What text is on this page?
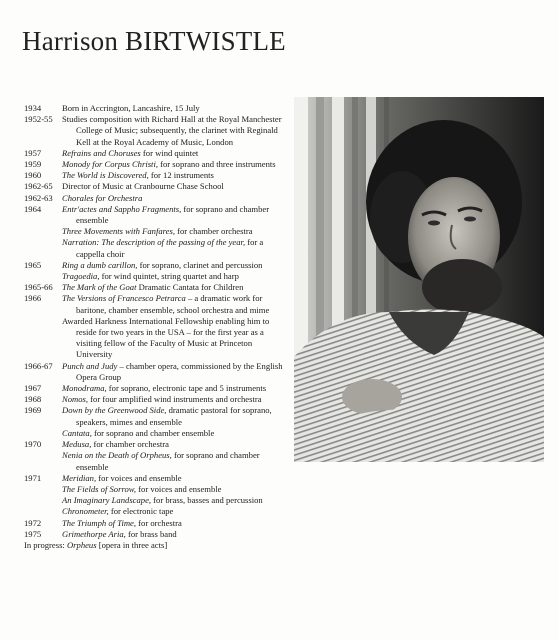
Harrison BIRTWISTLE
1934 Born in Accrington, Lancashire, 15 July
1952-55 Studies composition with Richard Hall at the Royal Manchester College of Music; subsequently, the clarinet with Reginald Kell at the Royal Academy of Music, London
1957 Refrains and Choruses for wind quintet
1959 Monody for Corpus Christi, for soprano and three instruments
1960 The World is Discovered, for 12 instruments
1962-65 Director of Music at Cranbourne Chase School
1962-63 Chorales for Orchestra
1964 Entr'actes and Sappho Fragments, for soprano and chamber ensemble
Three Movements with Fanfares, for chamber orchestra
Narration: The description of the passing of the year, for a cappella choir
1965 Ring a dumb carillon, for soprano, clarinet and percussion
Tragoedia, for wind quintet, string quartet and harp
1965-66 The Mark of the Goat Dramatic Cantata for Children
1966 The Versions of Francesco Petrarca – a dramatic work for baritone, chamber ensemble, school orchestra and mime
Awarded Harkness International Fellowship enabling him to reside for two years in the USA – for the first year as a visiting fellow of the Faculty of Music at Princeton University
1966-67 Punch and Judy – chamber opera, commissioned by the English Opera Group
1967 Monodrama, for soprano, electronic tape and 5 instruments
1968 Nomos, for four amplified wind instruments and orchestra
1969 Down by the Greenwood Side, dramatic pastoral for soprano, speakers, mimes and ensemble
Cantata, for soprano and chamber ensemble
1970 Medusa, for chamber orchestra
Nenia on the Death of Orpheus, for soprano and chamber ensemble
1971 Meridian, for voices and ensemble
The Fields of Sorrow, for voices and ensemble
An Imaginary Landscape, for brass, basses and percussion
Chronometer, for electronic tape
1972 The Triumph of Time, for orchestra
1975 Grimethorpe Aria, for brass band
In progress: Orpheus [opera in three acts]
